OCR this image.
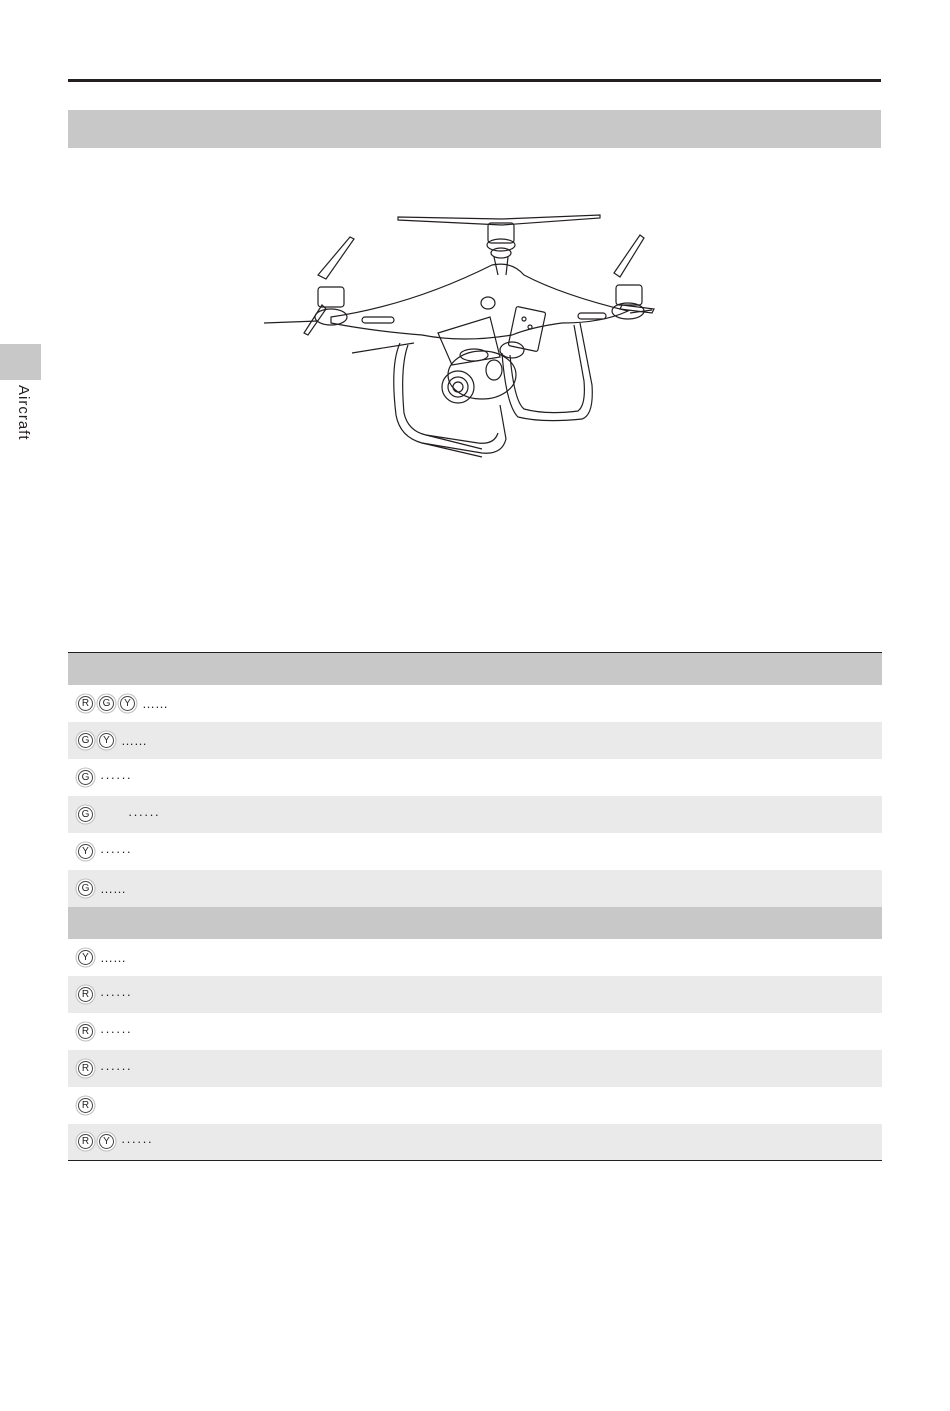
Aircraft

R	G	Y ……

G	Y ……

G ······

G	······

Y ······

G ……

Y ……

R ······

R ······

R ······

R

R	Y ······
